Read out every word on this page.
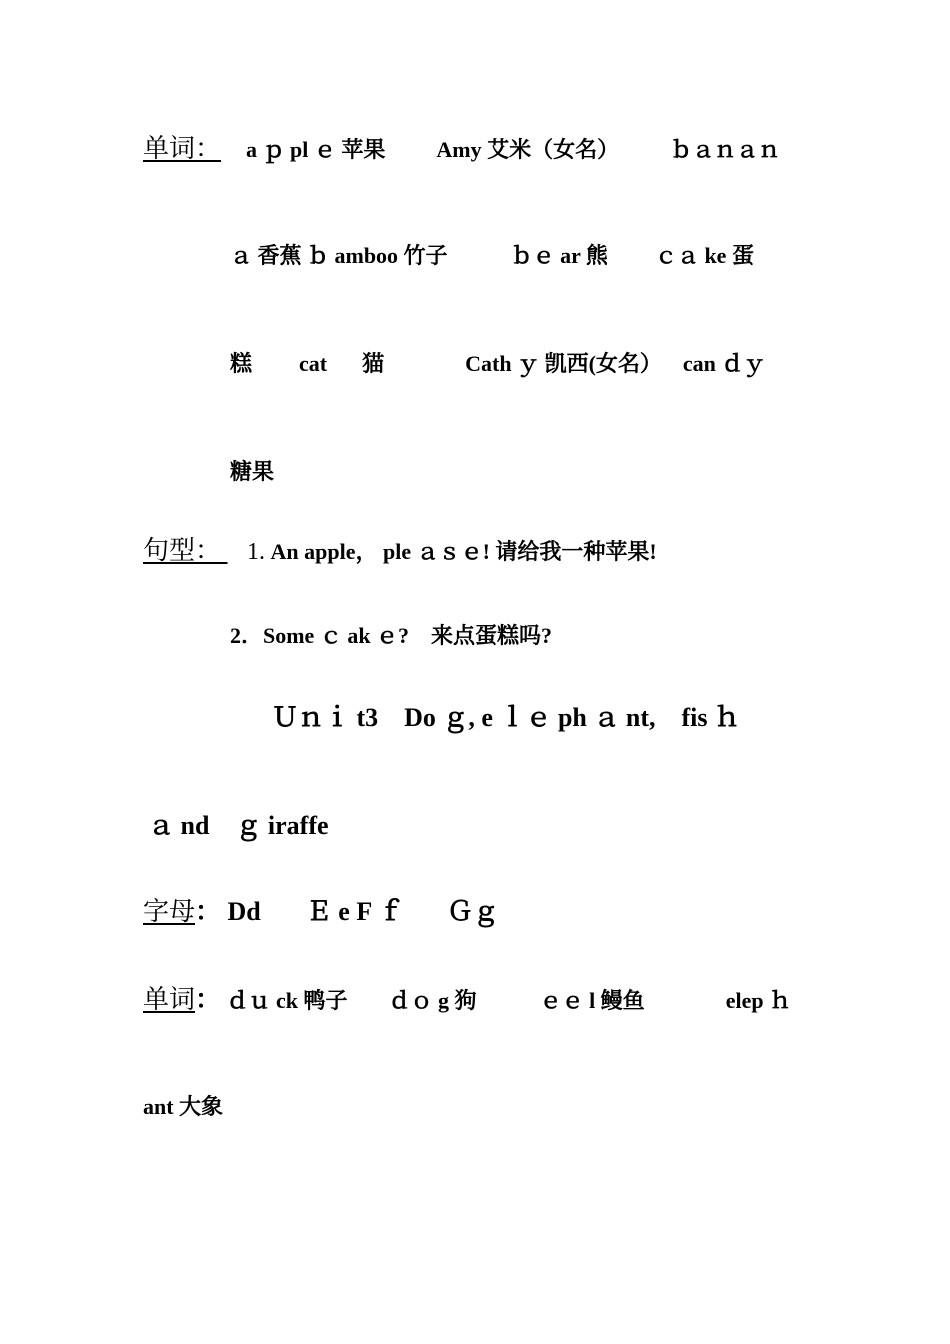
单词： a ｐ pl ｅ 苹果 Amy 艾米（女名） ｂａｎａｎ
ａ 香蕉 ｂ amboo 竹子	ｂｅ ar 熊 ｃａ ke 蛋
糕 cat 猫	Cath ｙ 凯西(女名） can ｄｙ
糖果
句型： 1. An apple， ple ａｓｅ! 请给我一种苹果!
2．Some ｃ ak ｅ?　来点蛋糕吗?
Ｕｎｉ t3　Do ｇ, e ｌｅ ph ａ nt,　fis ｈ
ａ nd　ｇ iraffe
字母： Dd Ｅ e F ｆ Ｇｇ
单词： ｄｕ ck 鸭子 ｄｏ g 狗	ｅｅ l 鳗鱼	elep ｈ
ant 大象
